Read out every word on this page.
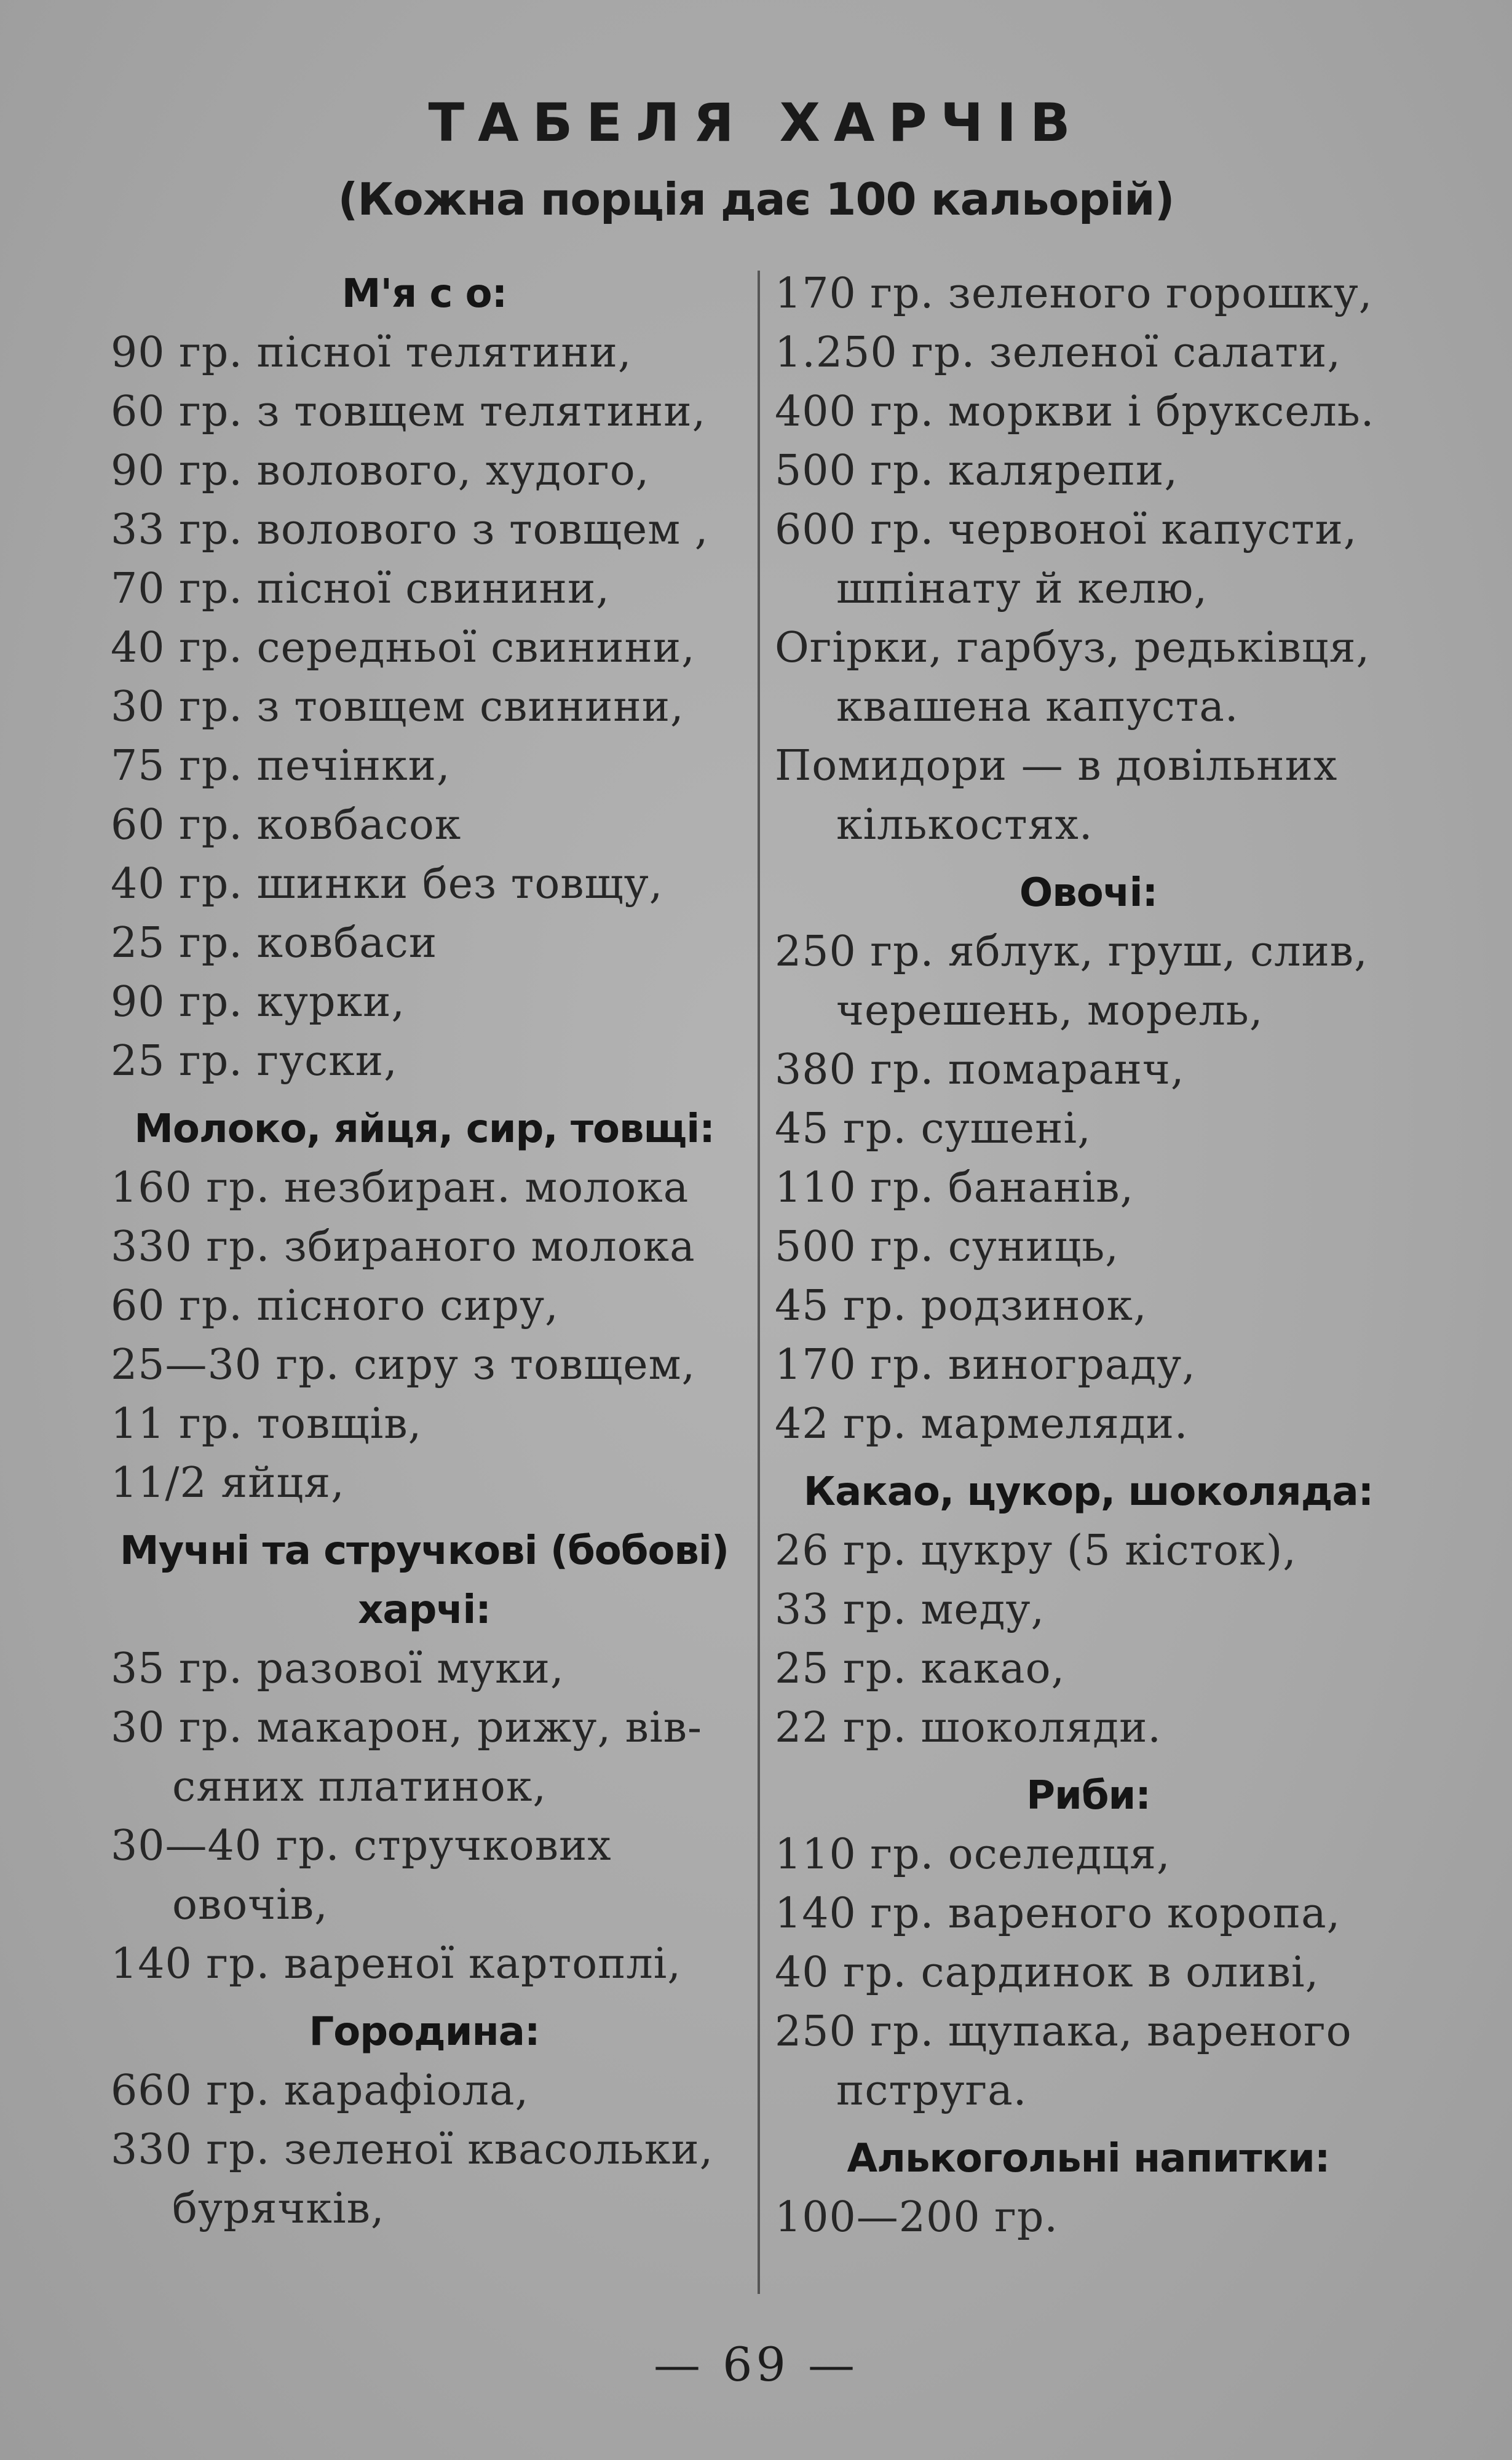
ТАБЕЛЯ ХАРЧІВ
(Кожна порція дає 100 кальорій)
М'я с о:
90 гр. пісної телятини,
60 гр. з товщем телятини,
90 гр. волового, худого,
33 гр. волового з товщем ,
70 гр. пісної свинини,
40 гр. середньої свинини,
30 гр. з товщем свинини,
75 гр. печінки,
60 гр. ковбасок
40 гр. шинки без товщу,
25 гр. ковбаси
90 гр. курки,
25 гр. гуски,
Молоко, яйця, сир, товщі:
160 гр. незбиран. молока
330 гр. збираного молока
60 гр. пісного сиру,
25—30 гр. сиру з товщем,
11 гр. товщів,
11/2 яйця,
Мучні та стручкові (бобові)
харчі:
35 гр. разової муки,
30 гр. макарон, рижу, вів-
сяних платинок,
30—40 гр. стручкових
овочів,
140 гр. вареної картоплі,
Городина:
660 гр. карафіола,
330 гр. зеленої квасольки,
бурячків,
170 гр. зеленого горошку,
1.250 гр. зеленої салати,
400 гр. моркви і бруксель.
500 гр. калярепи,
600 гр. червоної капусти,
шпінату й келю,
Огірки, гарбуз, редьківця,
квашена капуста.
Помидори — в довільних
кількостях.
Овочі:
250 гр. яблук, груш, слив,
черешень, морель,
380 гр. помаранч,
45 гр. сушені,
110 гр. бананів,
500 гр. суниць,
45 гр. родзинок,
170 гр. винограду,
42 гр. мармеляди.
Какао, цукор, шоколяда:
26 гр. цукру (5 кісток),
33 гр. меду,
25 гр. какао,
22 гр. шоколяди.
Риби:
110 гр. оселедця,
140 гр. вареного коропа,
40 гр. сардинок в оливі,
250 гр. щупака, вареного
пструга.
Алькогольні напитки:
100—200 гр.
— 69 —
